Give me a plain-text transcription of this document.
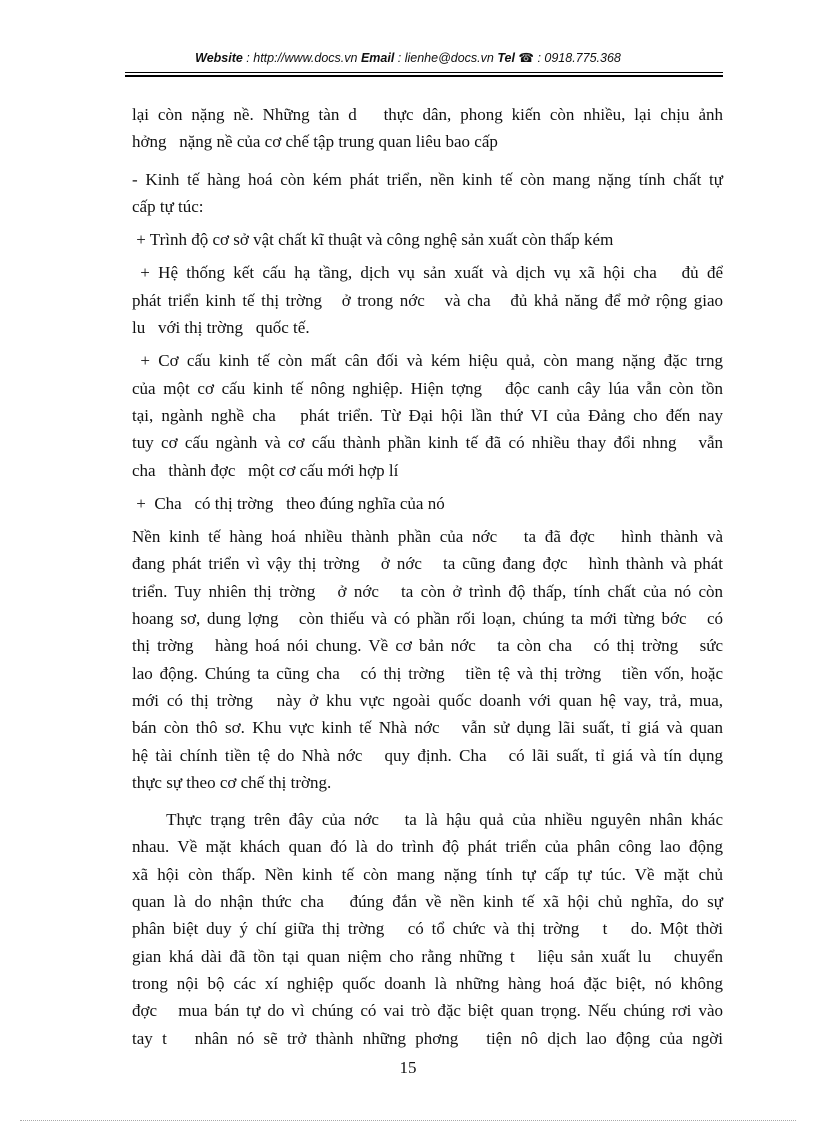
Website : http://www.docs.vn Email : lienhe@docs.vn Tel ☎ : 0918.775.368

lại còn nặng nề. Những tàn d   thực dân, phong kiến còn nhiều, lại chịu ảnh

hởng   nặng nề của cơ chế tập trung quan liêu bao cấp

- Kinh tế hàng hoá còn kém phát triển, nền kinh tế còn mang nặng tính chất tự

cấp tự túc:

+ Trình độ cơ sở vật chất kĩ thuật và công nghệ sản xuất còn thấp kém

+ Hệ thống kết cấu hạ tầng, dịch vụ sản xuất và dịch vụ xã hội cha   đủ để

phát triển kinh tế thị trờng   ở trong nớc   và cha   đủ khả năng để mở rộng giao

lu   với thị trờng   quốc tế.

+ Cơ cấu kinh tế còn mất cân đối và kém hiệu quả, còn mang nặng đặc trng

của một cơ cấu kinh tế nông nghiệp. Hiện tợng   độc canh cây lúa vẫn còn tồn

tại, ngành nghề cha   phát triển. Từ Đại hội lần thứ VI của Đảng cho đến nay

tuy cơ cấu ngành và cơ cấu thành phần kinh tế đã có nhiều thay đổi nhng   vẫn

cha   thành đợc   một cơ cấu mới hợp lí

+  Cha   có thị trờng   theo đúng nghĩa của nó

Nền kinh tế hàng hoá nhiều thành phần của nớc   ta đã đợc   hình thành và

đang phát triển vì vậy thị trờng   ở nớc   ta cũng đang đợc   hình thành và phát

triển. Tuy nhiên thị trờng   ở nớc   ta còn ở trình độ thấp, tính chất của nó còn

hoang sơ, dung lợng   còn thiếu và có phần rối loạn, chúng ta mới từng bớc   có

thị trờng   hàng hoá nói chung. Về cơ bản nớc   ta còn cha   có thị trờng   sức

lao động. Chúng ta cũng cha   có thị trờng   tiền tệ và thị trờng   tiền vốn, hoặc

mới có thị trờng   này ở khu vực ngoài quốc doanh với quan hệ vay, trả, mua,

bán còn thô sơ. Khu vực kinh tế Nhà nớc   vẫn sử dụng lãi suất, tỉ giá và quan

hệ tài chính tiền tệ do Nhà nớc   quy định. Cha   có lãi suất, tỉ giá và tín dụng

thực sự theo cơ chế thị trờng.

Thực trạng trên đây của nớc   ta là hậu quả của nhiều nguyên nhân khác

nhau. Về mặt khách quan đó là do trình độ phát triển của phân công lao động

xã hội còn thấp. Nền kinh tế còn mang nặng tính tự cấp tự túc. Về mặt chủ

quan là do nhận thức cha   đúng đắn về nền kinh tế xã hội chủ nghĩa, do sự

phân biệt duy ý chí giữa thị trờng   có tổ chức và thị trờng   t   do. Một thời

gian khá dài đã tồn tại quan niệm cho rằng những t   liệu sản xuất lu   chuyển

trong nội bộ các xí nghiệp quốc doanh là những hàng hoá đặc biệt, nó không

đợc   mua bán tự do vì chúng có vai trò đặc biệt quan trọng. Nếu chúng rơi vào

tay t   nhân nó sẽ trở thành những phơng   tiện nô dịch lao động của ngời

15
